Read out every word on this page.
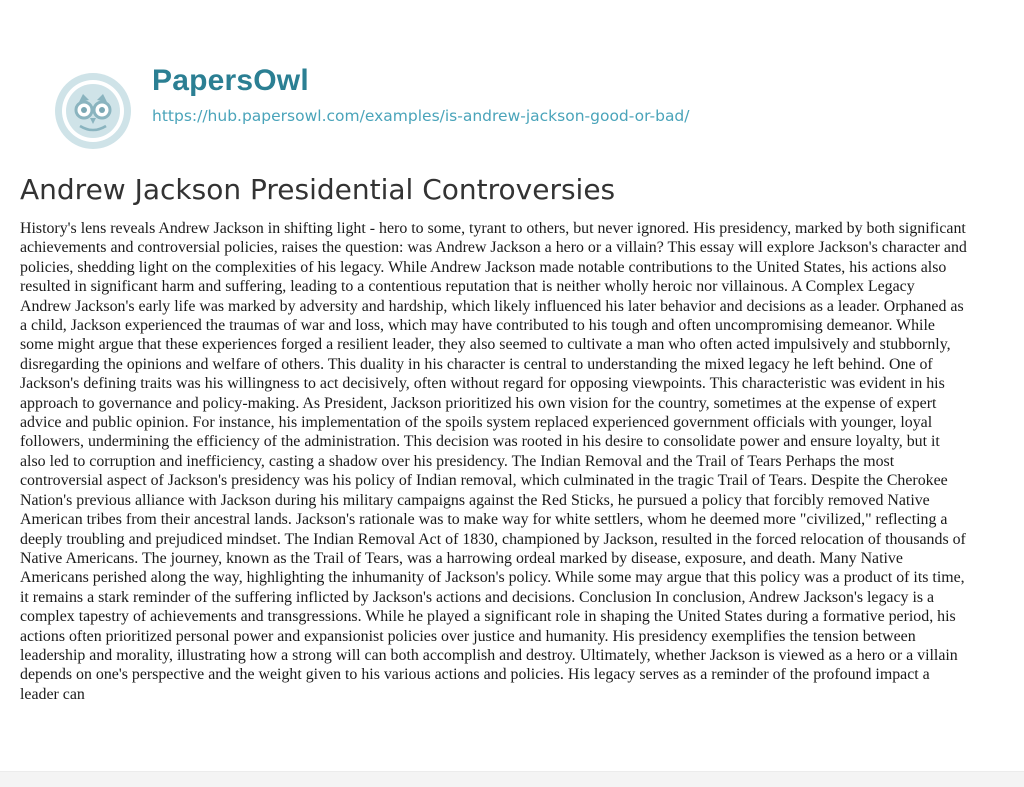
PapersOwl
https://hub.papersowl.com/examples/is-andrew-jackson-good-or-bad/
Andrew Jackson Presidential Controversies

History's lens reveals Andrew Jackson in shifting light - hero to some, tyrant to others, but never ignored. His presidency, marked by both significant achievements and controversial policies, raises the question: was Andrew Jackson a hero or a villain? This essay will explore Jackson's character and policies, shedding light on the complexities of his legacy. While Andrew Jackson made notable contributions to the United States, his actions also resulted in significant harm and suffering, leading to a contentious reputation that is neither wholly heroic nor villainous. A Complex Legacy Andrew Jackson's early life was marked by adversity and hardship, which likely influenced his later behavior and decisions as a leader. Orphaned as a child, Jackson experienced the traumas of war and loss, which may have contributed to his tough and often uncompromising demeanor. While some might argue that these experiences forged a resilient leader, they also seemed to cultivate a man who often acted impulsively and stubbornly, disregarding the opinions and welfare of others. This duality in his character is central to understanding the mixed legacy he left behind. One of Jackson's defining traits was his willingness to act decisively, often without regard for opposing viewpoints. This characteristic was evident in his approach to governance and policy-making. As President, Jackson prioritized his own vision for the country, sometimes at the expense of expert advice and public opinion. For instance, his implementation of the spoils system replaced experienced government officials with younger, loyal followers, undermining the efficiency of the administration. This decision was rooted in his desire to consolidate power and ensure loyalty, but it also led to corruption and inefficiency, casting a shadow over his presidency. The Indian Removal and the Trail of Tears Perhaps the most controversial aspect of Jackson's presidency was his policy of Indian removal, which culminated in the tragic Trail of Tears. Despite the Cherokee Nation's previous alliance with Jackson during his military campaigns against the Red Sticks, he pursued a policy that forcibly removed Native American tribes from their ancestral lands. Jackson's rationale was to make way for white settlers, whom he deemed more "civilized," reflecting a deeply troubling and prejudiced mindset. The Indian Removal Act of 1830, championed by Jackson, resulted in the forced relocation of thousands of Native Americans. The journey, known as the Trail of Tears, was a harrowing ordeal marked by disease, exposure, and death. Many Native Americans perished along the way, highlighting the inhumanity of Jackson's policy. While some may argue that this policy was a product of its time, it remains a stark reminder of the suffering inflicted by Jackson's actions and decisions. Conclusion In conclusion, Andrew Jackson's legacy is a complex tapestry of achievements and transgressions. While he played a significant role in shaping the United States during a formative period, his actions often prioritized personal power and expansionist policies over justice and humanity. His presidency exemplifies the tension between leadership and morality, illustrating how a strong will can both accomplish and destroy. Ultimately, whether Jackson is viewed as a hero or a villain depends on one's perspective and the weight given to his various actions and policies. His legacy serves as a reminder of the profound impact a leader can
